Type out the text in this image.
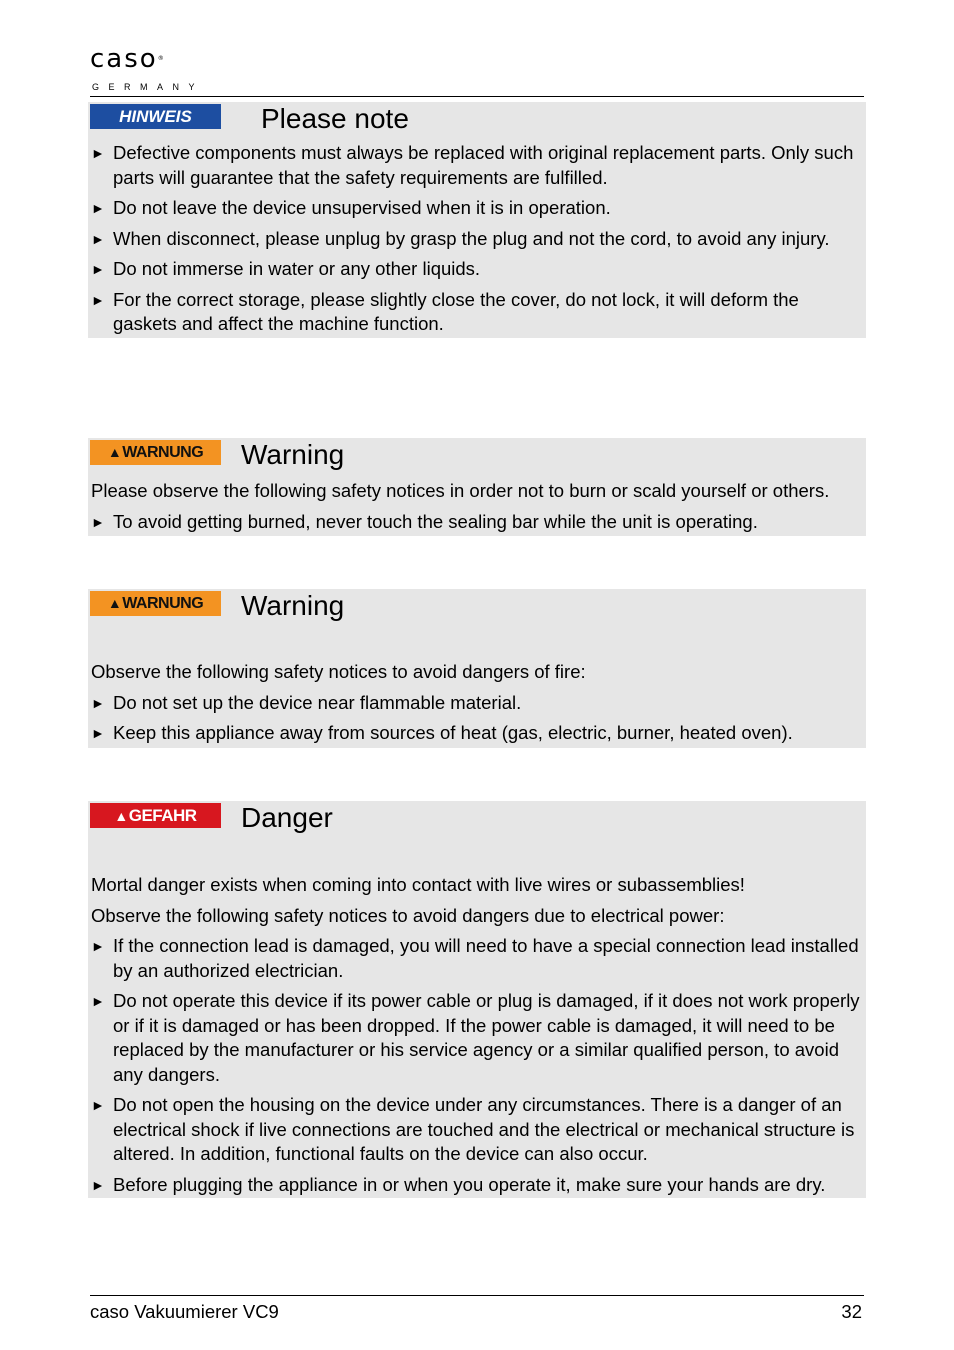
caso®
GERMANY
HINWEIS	Please note
► Defective components must always be replaced with original replacement parts. Only such parts will guarantee that the safety requirements are fulfilled.
► Do not leave the device unsupervised when it is in operation.
► When disconnect, please unplug by grasp the plug and not the cord, to avoid any injury.
► Do not immerse in water or any other liquids.
► For the correct storage, please slightly close the cover, do not lock, it will deform the gaskets and affect the machine function.
▲WARNUNG	Warning
Please observe the following safety notices in order not to burn or scald yourself or others.
► To avoid getting burned, never touch the sealing bar while the unit is operating.
▲WARNUNG	Warning
Observe the following safety notices to avoid dangers of fire:
► Do not set up the device near flammable material.
► Keep this appliance away from sources of heat (gas, electric, burner, heated oven).
▲GEFAHR	Danger
Mortal danger exists when coming into contact with live wires or subassemblies!
Observe the following safety notices to avoid dangers due to electrical power:
► If the connection lead is damaged, you will need to have a special connection lead installed by an authorized electrician.
► Do not operate this device if its power cable or plug is damaged, if it does not work properly or if it is damaged or has been dropped. If the power cable is damaged, it will need to be replaced by the manufacturer or his service agency or a similar qualified person, to avoid any dangers.
► Do not open the housing on the device under any circumstances. There is a danger of an electrical shock if live connections are touched and the electrical or mechanical structure is altered. In addition, functional faults on the device can also occur.
► Before plugging the appliance in or when you operate it, make sure your hands are dry.
caso Vakuumierer VC9	32
